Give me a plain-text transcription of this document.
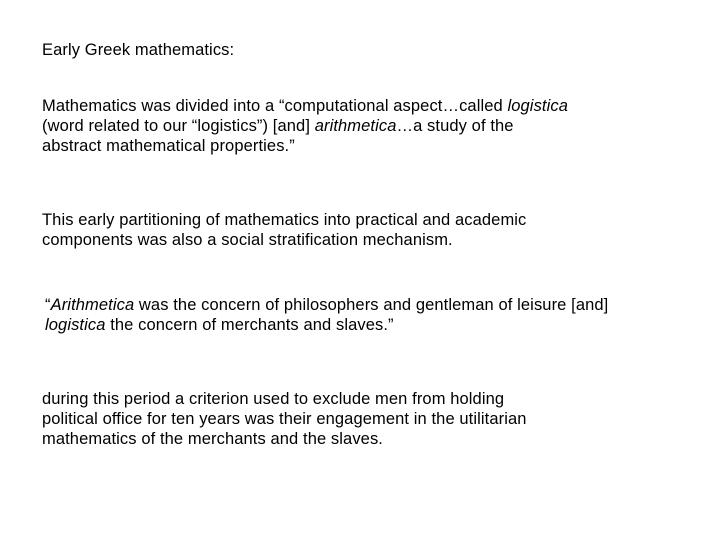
Early Greek mathematics:

Mathematics was divided into a “computational aspect…called logistica
(word related to our “logistics”) [and] arithmetica…a study of the
abstract mathematical properties.”

This early partitioning of mathematics into practical and academic
components was also a social stratification mechanism.

“Arithmetica was the concern of philosophers and gentleman of leisure [and]
logistica the concern of merchants and slaves.”

during this period a criterion used to exclude men from holding
political office for ten years was their engagement in the utilitarian
mathematics of the merchants and the slaves.
